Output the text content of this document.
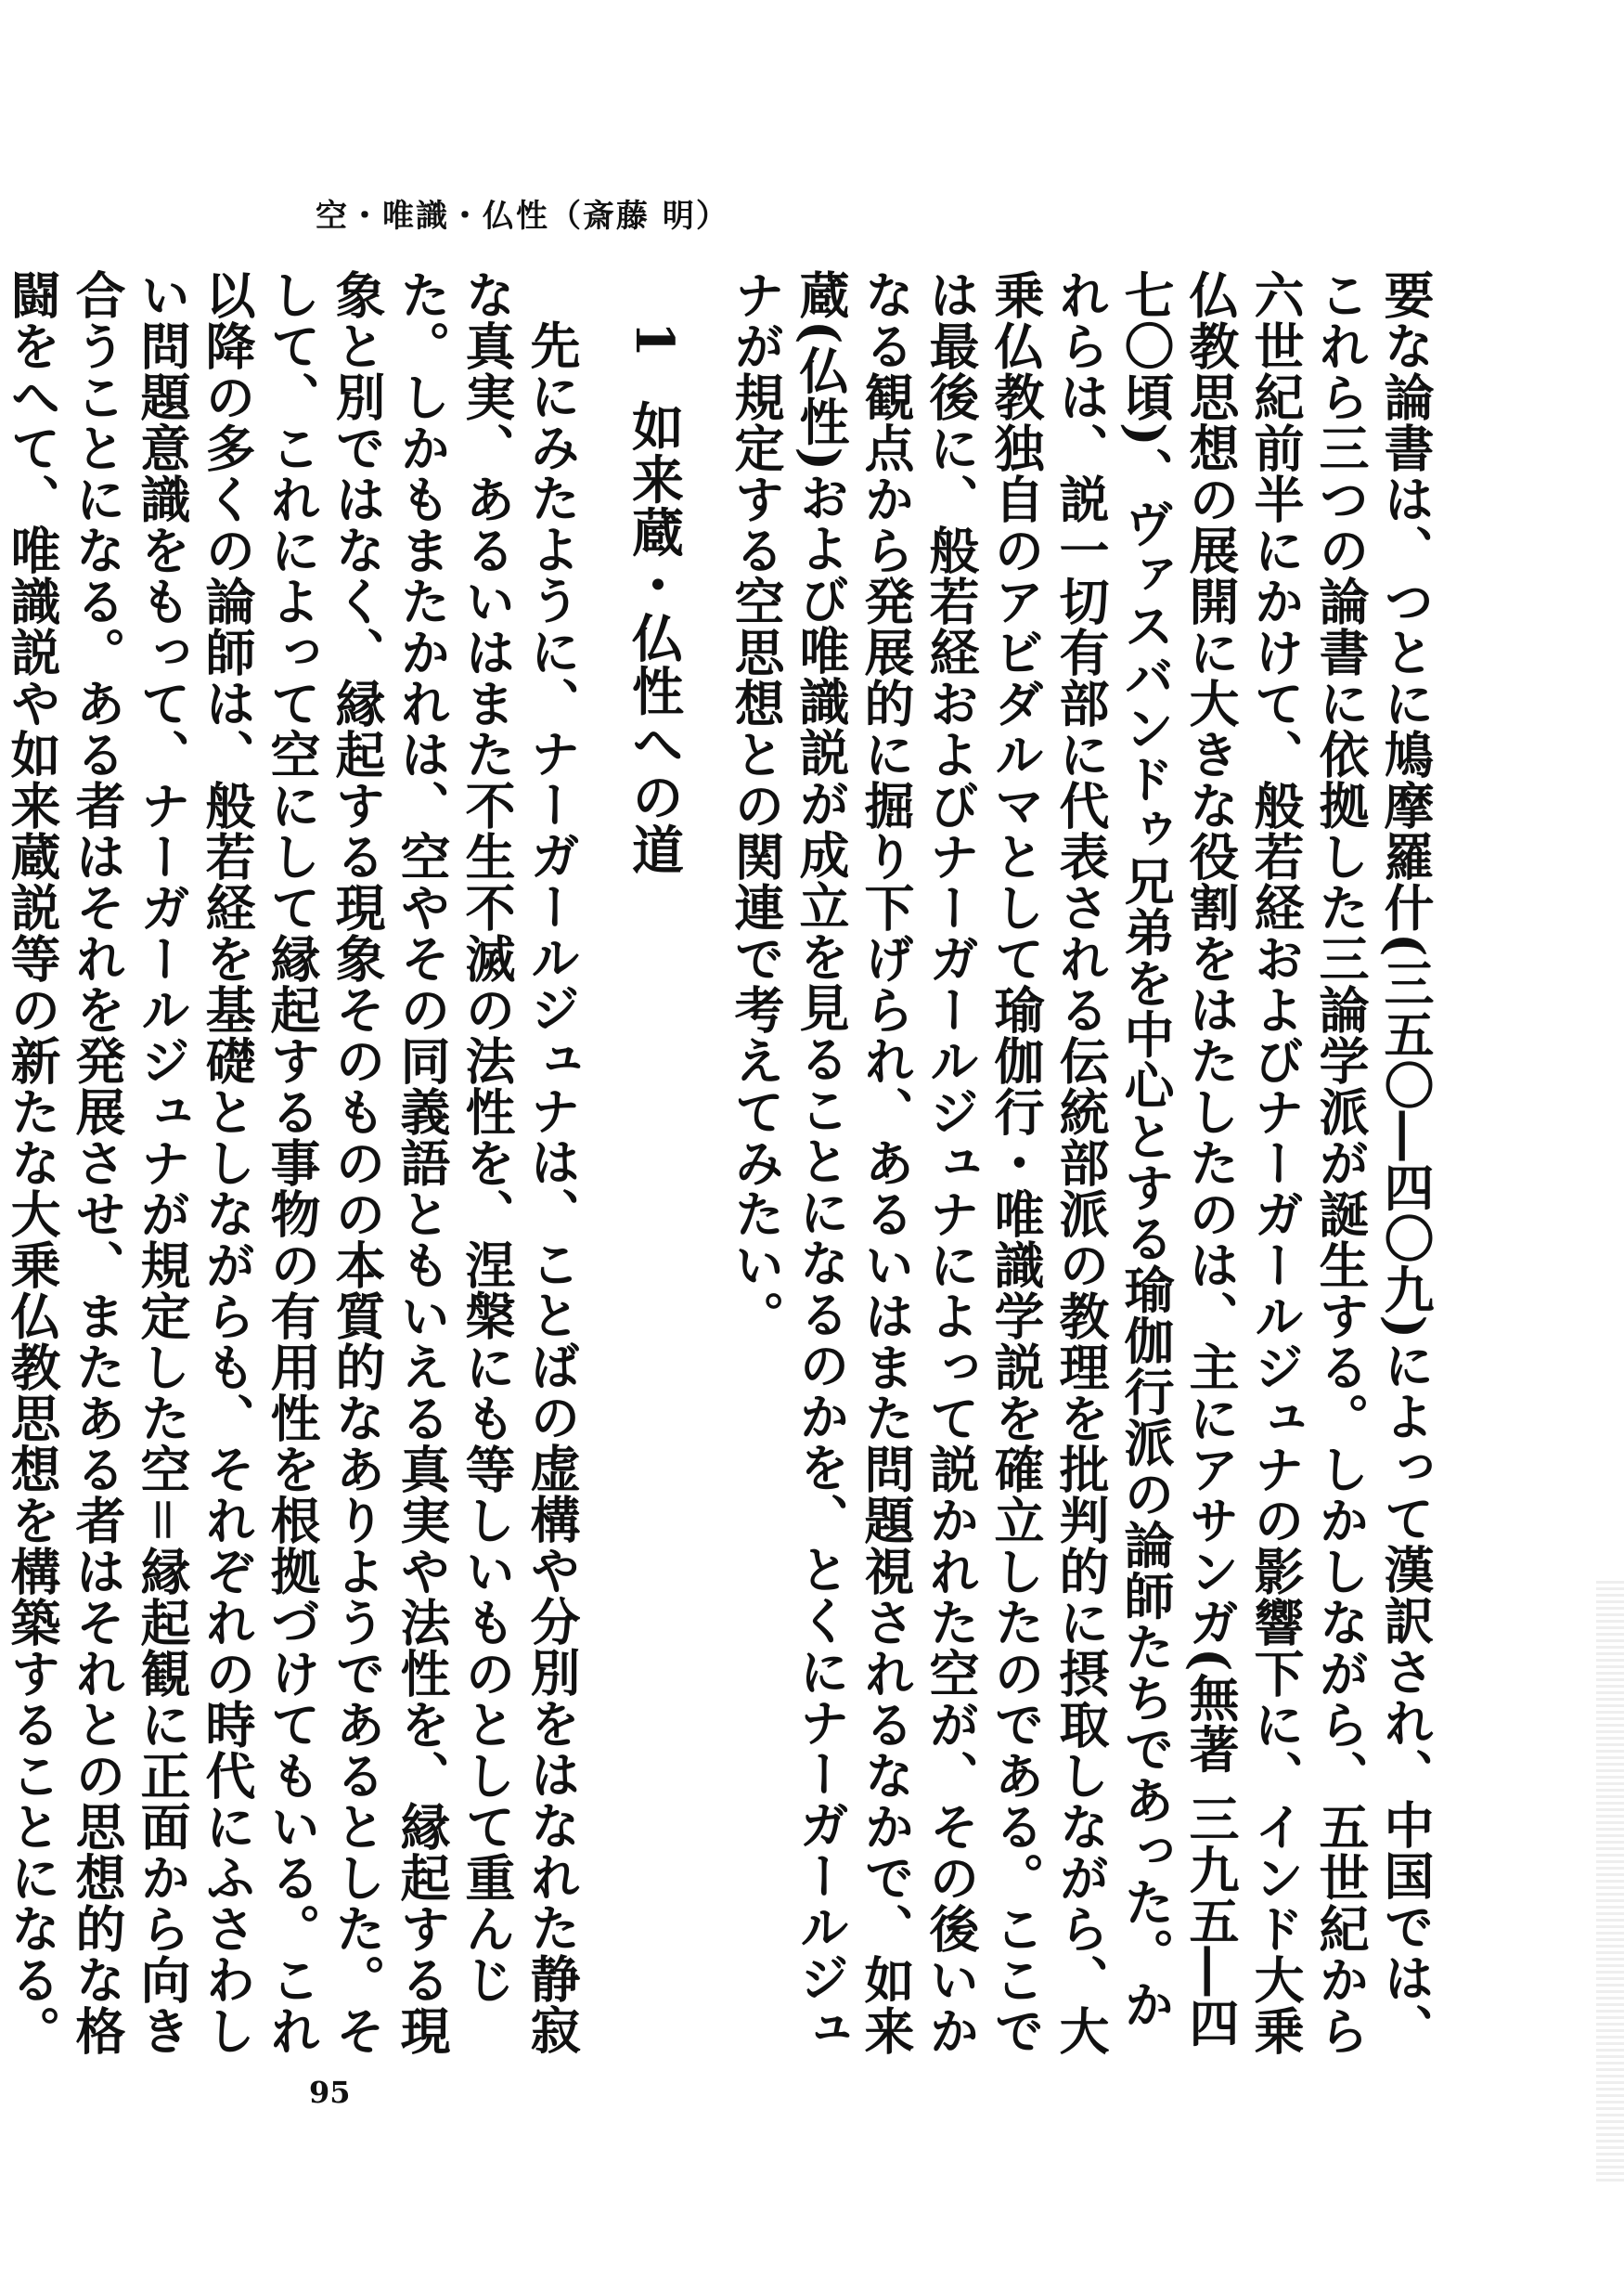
空・唯識・仏性（斎藤 明）

要な論書は、つとに鳩摩羅什(三五〇―四〇九)によって漢訳され、中国では、これら三つの論書に依拠した三論学派が誕生する。しかしながら、五世紀から六世紀前半にかけて、般若経およびナーガールジュナの影響下に、インド大乗仏教思想の展開に大きな役割をはたしたのは、主にアサンガ(無著 三九五―四七〇頃)、ヴァスバンドゥ兄弟を中心とする瑜伽行派の論師たちであった。かれらは、説一切有部に代表される伝統部派の教理を批判的に摂取しながら、大乗仏教独自のアビダルマとして瑜伽行・唯識学説を確立したのである。ここでは最後に、般若経およびナーガールジュナによって説かれた空が、その後いかなる観点から発展的に掘り下げられ、あるいはまた問題視されるなかで、如来蔵(仏性)および唯識説が成立を見ることになるのかを、とくにナーガールジュナが規定する空思想との関連で考えてみたい。

1如来蔵・仏性への道

先にみたように、ナーガールジュナは、ことばの虚構や分別をはなれた静寂な真実、あるいはまた不生不滅の法性を、涅槃にも等しいものとして重んじた。しかもまたかれは、空やその同義語ともいえる真実や法性を、縁起する現象と別ではなく、縁起する現象そのものの本質的なありようであるとした。そして、これによって空にして縁起する事物の有用性を根拠づけてもいる。これ以降の多くの論師は、般若経を基礎としながらも、それぞれの時代にふさわしい問題意識をもって、ナーガールジュナが規定した空＝縁起観に正面から向き合うことになる。ある者はそれを発展させ、またある者はそれとの思想的な格闘をへて、唯識説や如来蔵説等の新たな大乗仏教思想を構築することになる。

95
